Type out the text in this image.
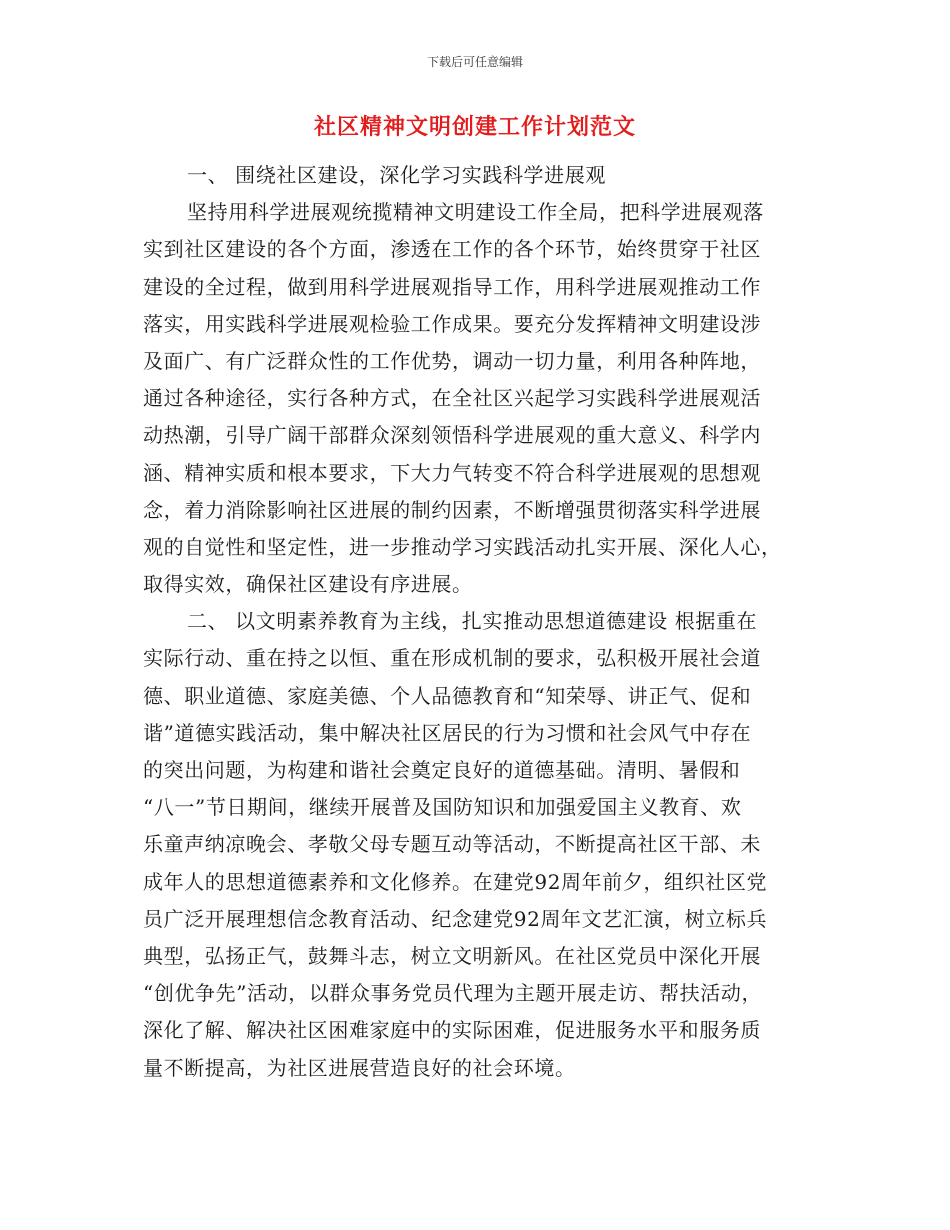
下载后可任意编辑
社区精神文明创建工作计划范文
一、 围绕社区建设，深化学习实践科学进展观
坚持用科学进展观统揽精神文明建设工作全局，把科学进展观落
实到社区建设的各个方面，渗透在工作的各个环节，始终贯穿于社区
建设的全过程，做到用科学进展观指导工作，用科学进展观推动工作
落实，用实践科学进展观检验工作成果。要充分发挥精神文明建设涉
及面广、有广泛群众性的工作优势，调动一切力量，利用各种阵地，
通过各种途径，实行各种方式，在全社区兴起学习实践科学进展观活
动热潮，引导广阔干部群众深刻领悟科学进展观的重大意义、科学内
涵、精神实质和根本要求，下大力气转变不符合科学进展观的思想观
念，着力消除影响社区进展的制约因素，不断增强贯彻落实科学进展
观的自觉性和坚定性，进一步推动学习实践活动扎实开展、深化人心，
取得实效，确保社区建设有序进展。
二、 以文明素养教育为主线，扎实推动思想道德建设 根据重在
实际行动、重在持之以恒、重在形成机制的要求，弘积极开展社会道
德、职业道德、家庭美德、个人品德教育和“知荣辱、讲正气、促和
谐”道德实践活动，集中解决社区居民的行为习惯和社会风气中存在
的突出问题，为构建和谐社会奠定良好的道德基础。清明、暑假和
“八一”节日期间，继续开展普及国防知识和加强爱国主义教育、欢
乐童声纳凉晚会、孝敬父母专题互动等活动，不断提高社区干部、未
成年人的思想道德素养和文化修养。在建党92周年前夕，组织社区党
员广泛开展理想信念教育活动、纪念建党92周年文艺汇演，树立标兵
典型，弘扬正气，鼓舞斗志，树立文明新风。在社区党员中深化开展
“创优争先”活动，以群众事务党员代理为主题开展走访、帮扶活动，
深化了解、解决社区困难家庭中的实际困难，促进服务水平和服务质
量不断提高，为社区进展营造良好的社会环境。
